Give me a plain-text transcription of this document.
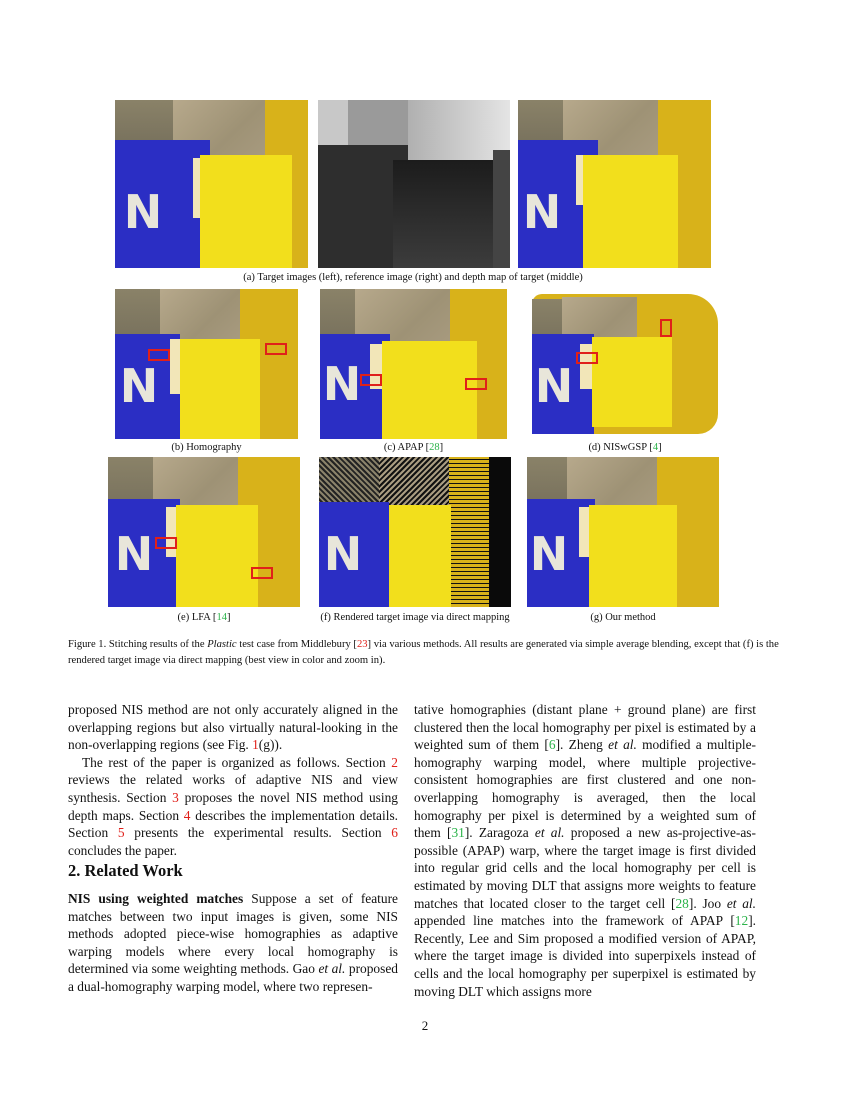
N	N
(a) Target images (left), reference image (right) and depth map of target (middle)
N	N	N
(b) Homography	(c) APAP [28]	(d) NISwGSP [4]
N	N	N
(e) LFA [14]	(f) Rendered target image via direct mapping	(g) Our method
Figure 1. Stitching results of the Plastic test case from Middlebury [23] via various methods. All results are generated via simple average blending, except that (f) is the rendered target image via direct mapping (best view in color and zoom in).

proposed NIS method are not only accurately aligned in the overlapping regions but also virtually natural-looking in the non-overlapping regions (see Fig. 1(g)).

The rest of the paper is organized as follows. Section 2 reviews the related works of adaptive NIS and view synthesis. Section 3 proposes the novel NIS method using depth maps. Section 4 describes the implementation details. Section 5 presents the experimental results. Section 6 concludes the paper.

2. Related Work

NIS using weighted matches Suppose a set of feature matches between two input images is given, some NIS methods adopted piece-wise homographies as adaptive warping models where every local homography is determined via some weighting methods. Gao et al. proposed a dual-homography warping model, where two represen-

tative homographies (distant plane + ground plane) are first clustered then the local homography per pixel is estimated by a weighted sum of them [6]. Zheng et al. modified a multiple-homography warping model, where multiple projective-consistent homographies are first clustered and one non-overlapping homography is averaged, then the local homography per pixel is determined by a weighted sum of them [31]. Zaragoza et al. proposed a new as-projective-as-possible (APAP) warp, where the target image is first divided into regular grid cells and the local homography per cell is estimated by moving DLT that assigns more weights to feature matches that located closer to the target cell [28]. Joo et al. appended line matches into the framework of APAP [12]. Recently, Lee and Sim proposed a modified version of APAP, where the target image is divided into superpixels instead of cells and the local homography per superpixel is estimated by moving DLT which assigns more

2
